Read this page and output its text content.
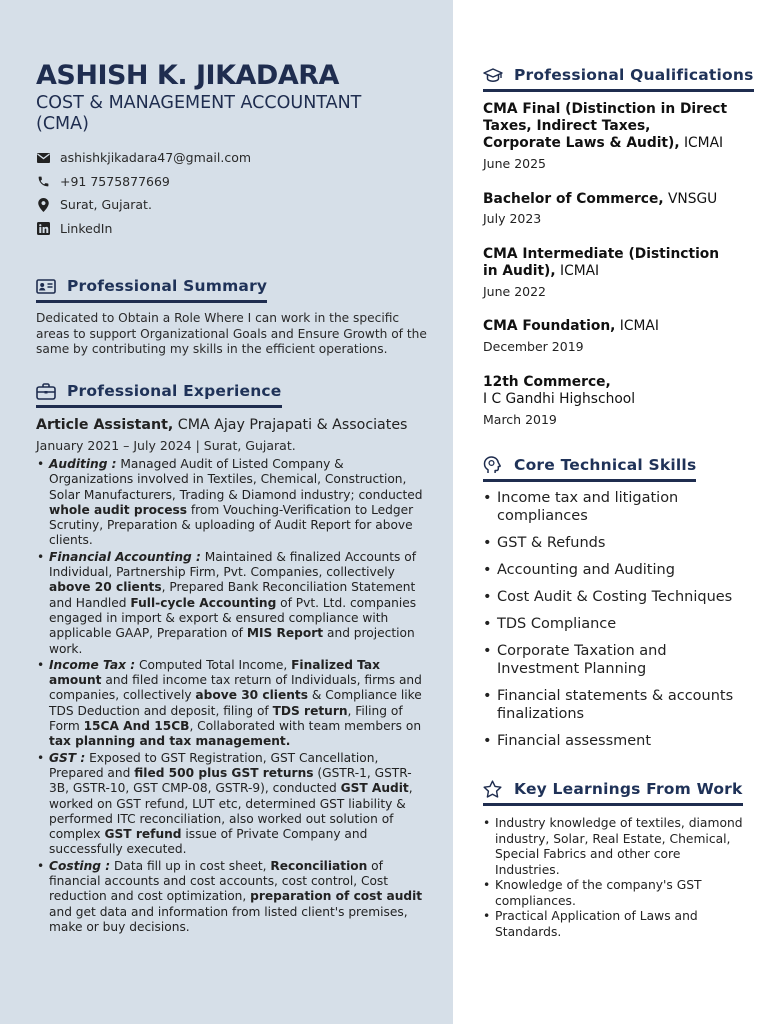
ASHISH K. JIKADARA
COST & MANAGEMENT ACCOUNTANT (CMA)
ashishkjikadara47@gmail.com
+91 7575877669
Surat, Gujarat.
LinkedIn
Professional Summary
Dedicated to Obtain a Role Where I can work in the specific areas to support Organizational Goals and Ensure Growth of the same by contributing my skills in the efficient operations.
Professional Experience
Article Assistant, CMA Ajay Prajapati & Associates
January 2021 – July 2024 | Surat, Gujarat.
• Auditing : Managed Audit of Listed Company & Organizations involved in Textiles, Chemical, Construction, Solar Manufacturers, Trading & Diamond industry; conducted whole audit process from Vouching-Verification to Ledger Scrutiny, Preparation & uploading of Audit Report for above clients.
• Financial Accounting : Maintained & finalized Accounts of Individual, Partnership Firm, Pvt. Companies, collectively above 20 clients, Prepared Bank Reconciliation Statement and Handled Full-cycle Accounting of Pvt. Ltd. companies engaged in import & export & ensured compliance with applicable GAAP, Preparation of MIS Report and projection work.
• Income Tax : Computed Total Income, Finalized Tax amount and filed income tax return of Individuals, firms and companies, collectively above 30 clients & Compliance like TDS Deduction and deposit, filing of TDS return, Filing of Form 15CA And 15CB, Collaborated with team members on tax planning and tax management.
• GST : Exposed to GST Registration, GST Cancellation, Prepared and filed 500 plus GST returns (GSTR-1, GSTR-3B, GSTR-10, GST CMP-08, GSTR-9), conducted GST Audit, worked on GST refund, LUT etc, determined GST liability & performed ITC reconciliation, also worked out solution of complex GST refund issue of Private Company and successfully executed.
• Costing : Data fill up in cost sheet, Reconciliation of financial accounts and cost accounts, cost control, Cost reduction and cost optimization, preparation of cost audit and get data and information from listed client's premises, make or buy decisions.
Professional Qualifications
CMA Final (Distinction in Direct Taxes, Indirect Taxes, Corporate Laws & Audit), ICMAI
June 2025
Bachelor of Commerce, VNSGU
July 2023
CMA Intermediate (Distinction in Audit), ICMAI
June 2022
CMA Foundation, ICMAI
December 2019
12th Commerce,
I C Gandhi Highschool
March 2019
Core Technical Skills
• Income tax and litigation compliances
• GST & Refunds
• Accounting and Auditing
• Cost Audit & Costing Techniques
• TDS Compliance
• Corporate Taxation and Investment Planning
• Financial statements & accounts finalizations
• Financial assessment
Key Learnings From Work
• Industry knowledge of textiles, diamond industry, Solar, Real Estate, Chemical, Special Fabrics and other core Industries.
• Knowledge of the company's GST compliances.
• Practical Application of Laws and Standards.
